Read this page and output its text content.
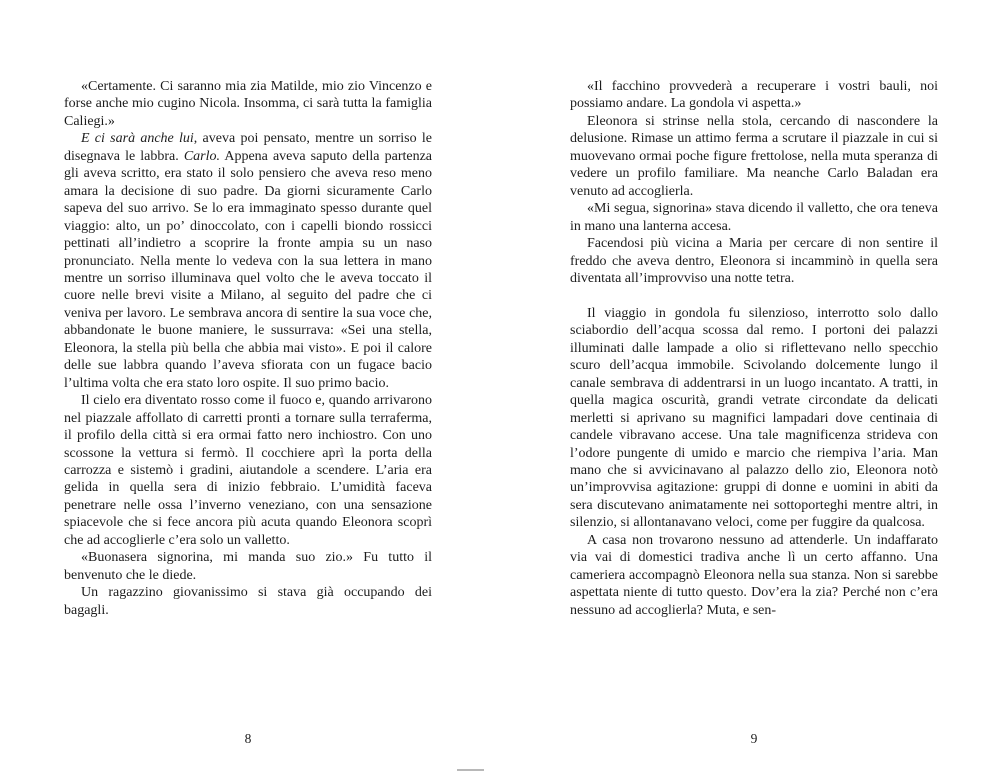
«Certamente. Ci saranno mia zia Matilde, mio zio Vincenzo e forse anche mio cugino Nicola. Insomma, ci sarà tutta la famiglia Caliegi.»

E ci sarà anche lui, aveva poi pensato, mentre un sorriso le disegnava le labbra. Carlo. Appena aveva saputo della partenza gli aveva scritto, era stato il solo pensiero che aveva reso meno amara la decisione di suo padre. Da giorni sicuramente Carlo sapeva del suo arrivo. Se lo era immaginato spesso durante quel viaggio: alto, un po’ dinoccolato, con i capelli biondo rossicci pettinati all’indietro a scoprire la fronte ampia su un naso pronunciato. Nella mente lo vedeva con la sua lettera in mano mentre un sorriso illuminava quel volto che le aveva toccato il cuore nelle brevi visite a Milano, al seguito del padre che ci veniva per lavoro. Le sembrava ancora di sentire la sua voce che, abbandonate le buone maniere, le sussurrava: «Sei una stella, Eleonora, la stella più bella che abbia mai visto». E poi il calore delle sue labbra quando l’aveva sfiorata con un fugace bacio l’ultima volta che era stato loro ospite. Il suo primo bacio.

Il cielo era diventato rosso come il fuoco e, quando arrivarono nel piazzale affollato di carretti pronti a tornare sulla terraferma, il profilo della città si era ormai fatto nero inchiostro. Con uno scossone la vettura si fermò. Il cocchiere aprì la porta della carrozza e sistemò i gradini, aiutandole a scendere. L’aria era gelida in quella sera di inizio febbraio. L’umidità faceva penetrare nelle ossa l’inverno veneziano, con una sensazione spiacevole che si fece ancora più acuta quando Eleonora scoprì che ad accoglierle c’era solo un valletto.

«Buonasera signorina, mi manda suo zio.» Fu tutto il benvenuto che le diede.

Un ragazzino giovanissimo si stava già occupando dei bagagli.

«Il facchino provvederà a recuperare i vostri bauli, noi possiamo andare. La gondola vi aspetta.»

Eleonora si strinse nella stola, cercando di nascondere la delusione. Rimase un attimo ferma a scrutare il piazzale in cui si muovevano ormai poche figure frettolose, nella muta speranza di vedere un profilo familiare. Ma neanche Carlo Baladan era venuto ad accoglierla.

«Mi segua, signorina» stava dicendo il valletto, che ora teneva in mano una lanterna accesa.

Facendosi più vicina a Maria per cercare di non sentire il freddo che aveva dentro, Eleonora si incamminò in quella sera diventata all’improvviso una notte tetra.

Il viaggio in gondola fu silenzioso, interrotto solo dallo sciabordio dell’acqua scossa dal remo. I portoni dei palazzi illuminati dalle lampade a olio si riflettevano nello specchio scuro dell’acqua immobile. Scivolando dolcemente lungo il canale sembrava di addentrarsi in un luogo incantato. A tratti, in quella magica oscurità, grandi vetrate circondate da delicati merletti si aprivano su magnifici lampadari dove centinaia di candele vibravano accese. Una tale magnificenza strideva con l’odore pungente di umido e marcio che riempiva l’aria. Man mano che si avvicinavano al palazzo dello zio, Eleonora notò un’improvvisa agitazione: gruppi di donne e uomini in abiti da sera discutevano animatamente nei sottoporteghi mentre altri, in silenzio, si allontanavano veloci, come per fuggire da qualcosa.

A casa non trovarono nessuno ad attenderle. Un indaffarato via vai di domestici tradiva anche lì un certo affanno. Una cameriera accompagnò Eleonora nella sua stanza. Non si sarebbe aspettata niente di tutto questo. Dov’era la zia? Perché non c’era nessuno ad accoglierla? Muta, e sen-

8	9
